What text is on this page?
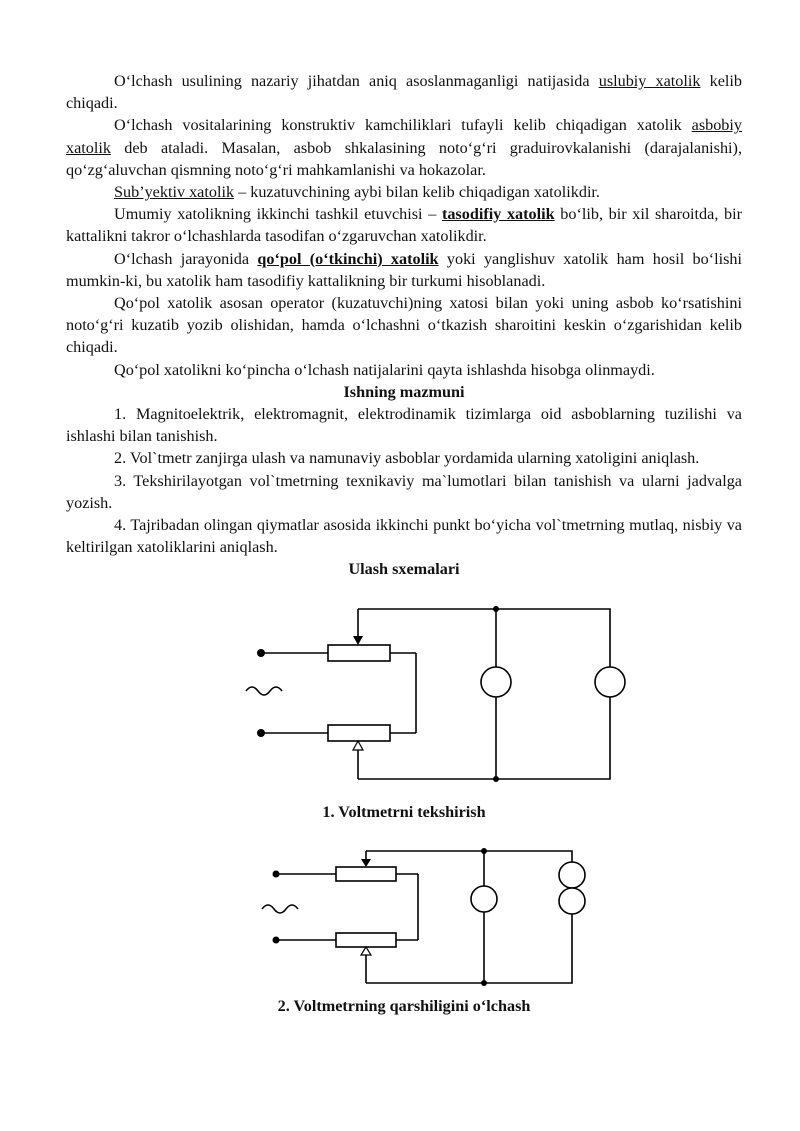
O‘lchash usulining nazariy jihatdan aniq asoslanmaganligi natijasida uslubiy xatolik kelib chiqadi.

O‘lchash vositalarining konstruktiv kamchiliklari tufayli kelib chiqadigan xatolik asbobiy xatolik deb ataladi. Masalan, asbob shkalasining noto‘g‘ri graduirovkalanishi (darajalanishi), qo‘zg‘aluvchan qismning noto‘g‘ri mahkamlanishi va hokazolar.

Sub’yektiv xatolik – kuzatuvchining aybi bilan kelib chiqadigan xatolikdir.

Umumiy xatolikning ikkinchi tashkil etuvchisi – tasodifiy xatolik bo‘lib, bir xil sharoitda, bir kattalikni takror o‘lchashlarda tasodifan o‘zgaruvchan xatolikdir.

O‘lchash jarayonida qo‘pol (o‘tkinchi) xatolik yoki yanglishuv xatolik ham hosil bo‘lishi mumkin-ki, bu xatolik ham tasodifiy kattalikning bir turkumi hisoblanadi.

Qo‘pol xatolik asosan operator (kuzatuvchi)ning xatosi bilan yoki uning asbob ko‘rsatishini noto‘g‘ri kuzatib yozib olishidan, hamda o‘lchashni o‘tkazish sharoitini keskin o‘zgarishidan kelib chiqadi.

Qo‘pol xatolikni ko‘pincha o‘lchash natijalarini qayta ishlashda hisobga olinmaydi.

Ishning mazmuni

1. Magnitoelektrik, elektromagnit, elektrodinamik tizimlarga oid asboblarning tuzilishi va ishlashi bilan tanishish.

2. Vol`tmetr zanjirga ulash va namunaviy asboblar yordamida ularning xatoligini aniqlash.

3. Tekshirilayotgan vol`tmetrning texnikaviy ma`lumotlari bilan tanishish va ularni jadvalga yozish.

4. Tajribadan olingan qiymatlar asosida ikkinchi punkt bo‘yicha vol`tmetrning mutlaq, nisbiy va keltirilgan xatoliklarini aniqlash.

Ulash sxemalari
1. Voltmetrni tekshirish
2. Voltmetrning qarshiligini o‘lchash
